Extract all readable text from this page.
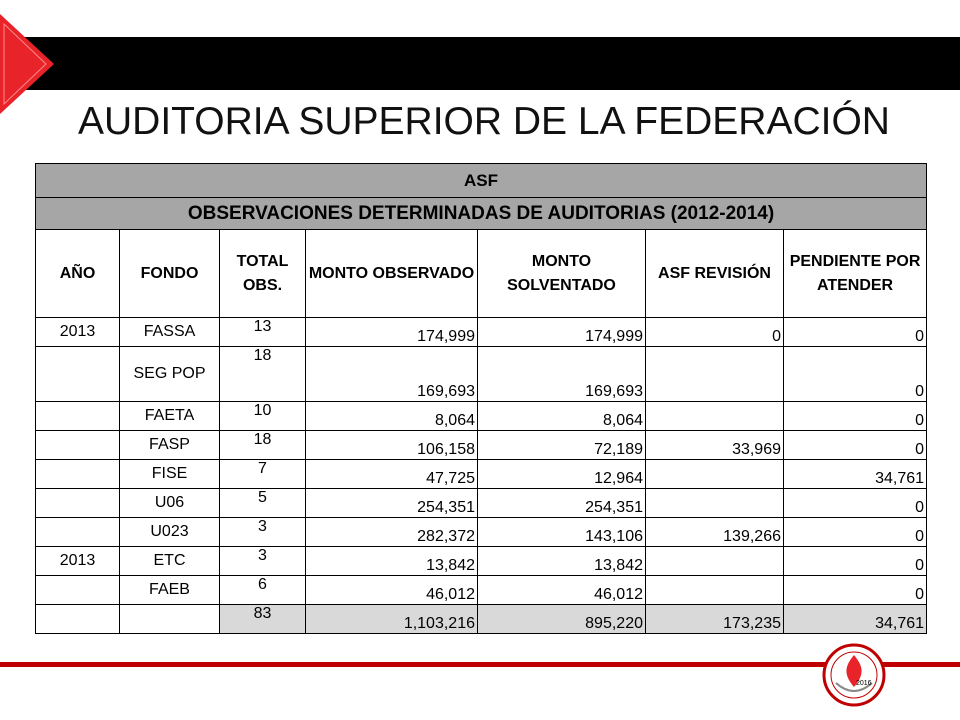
AUDITORIA SUPERIOR DE LA FEDERACIÓN
ASF						
OBSERVACIONES DETERMINADAS DE AUDITORIAS (2012-2014)						
AÑO	FONDO	TOTAL OBS.	MONTO OBSERVADO	MONTO SOLVENTADO	ASF REVISIÓN	PENDIENTE POR ATENDER
2013	FASSA	13	174,999	174,999	0	0
	SEG POP	18	169,693	169,693		0
	FAETA	10	8,064	8,064		0
	FASP	18	106,158	72,189	33,969	0
	FISE	7	47,725	12,964		34,761
	U06	5	254,351	254,351		0
	U023	3	282,372	143,106	139,266	0
2013	ETC	3	13,842	13,842		0
	FAEB	6	46,012	46,012		0
		83	1,103,216	895,220	173,235	34,761
2016
